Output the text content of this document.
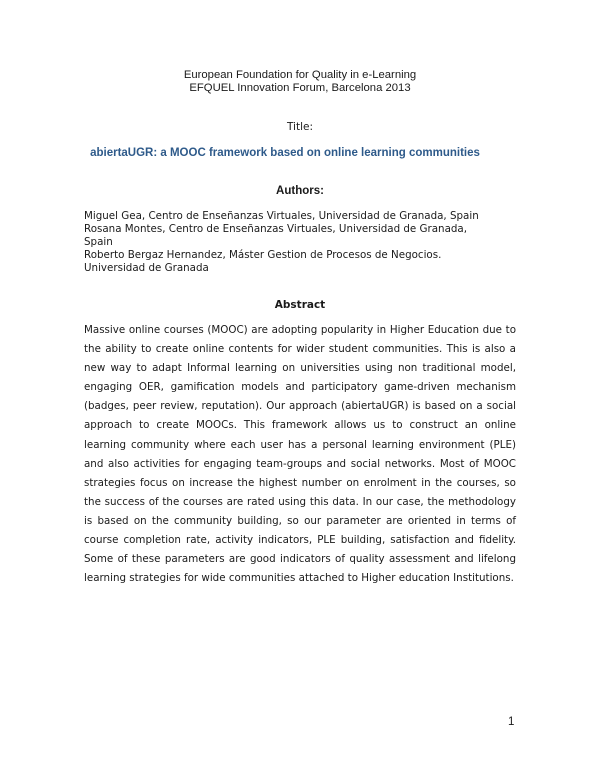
European Foundation for Quality in e-Learning
EFQUEL Innovation Forum, Barcelona 2013
Title:
abiertaUGR: a MOOC framework based on online learning communities
Authors:
Miguel Gea, Centro de Enseñanzas Virtuales, Universidad de Granada, Spain
Rosana Montes, Centro de Enseñanzas Virtuales, Universidad de Granada,
Spain
Roberto Bergaz Hernandez, Máster Gestion de Procesos de Negocios.
Universidad de Granada
Abstract
Massive online courses (MOOC) are adopting popularity in Higher Education due to the ability to create online contents for wider student communities. This is also a new way to adapt Informal learning on universities using non traditional model, engaging OER, gamification models and participatory game-driven mechanism (badges, peer review, reputation). Our approach (abiertaUGR) is based on a social approach to create MOOCs. This framework allows us to construct an online learning community where each user has a personal learning environment (PLE) and also activities for engaging team-groups and social networks. Most of MOOC strategies focus on increase the highest number on enrolment in the courses, so the success of the courses are rated using this data. In our case, the methodology is based on the community building, so our parameter are oriented in terms of course completion rate, activity indicators, PLE building, satisfaction and fidelity. Some of these parameters are good indicators of quality assessment and lifelong learning strategies for wide communities attached to Higher education Institutions.
1
